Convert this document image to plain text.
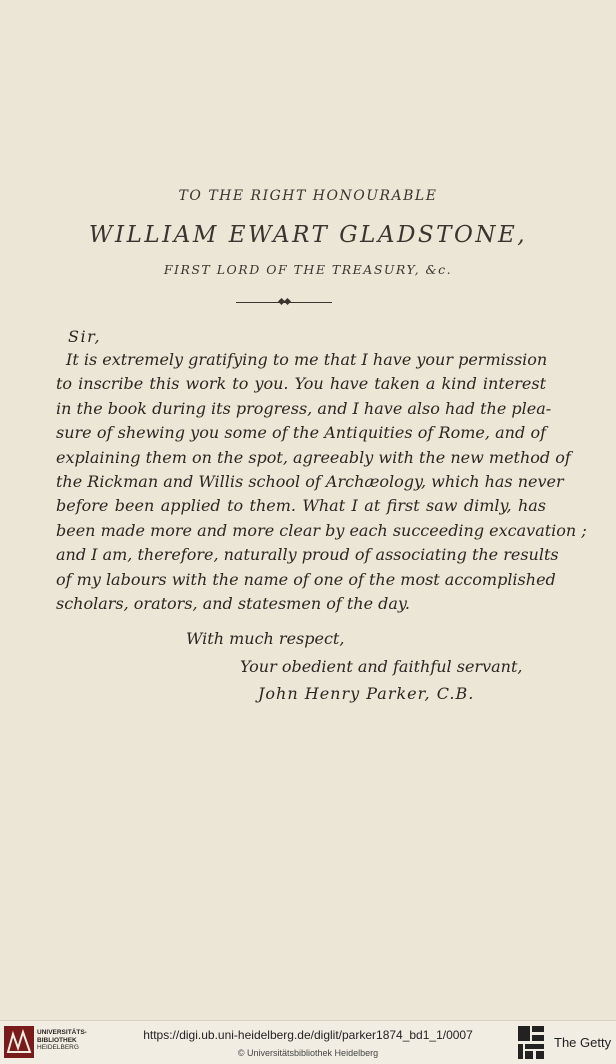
TO THE RIGHT HONOURABLE
WILLIAM EWART GLADSTONE,
FIRST LORD OF THE TREASURY, &c.
Sir,
It is extremely gratifying to me that I have your permission
to inscribe this work to you. You have taken a kind interest
in the book during its progress, and I have also had the plea-
sure of shewing you some of the Antiquities of Rome, and of
explaining them on the spot, agreeably with the new method of
the Rickman and Willis school of Archæology, which has never
before been applied to them. What I at first saw dimly, has
been made more and more clear by each succeeding excavation ;
and I am, therefore, naturally proud of associating the results
of my labours with the name of one of the most accomplished
scholars, orators, and statesmen of the day.
With much respect,
Your obedient and faithful servant,
John Henry Parker, C.B.
UNIVERSITÄTS-
BIBLIOTHEK
HEIDELBERG
https://digi.ub.uni-heidelberg.de/diglit/parker1874_bd1_1/0007
© Universitätsbibliothek Heidelberg
The Getty
